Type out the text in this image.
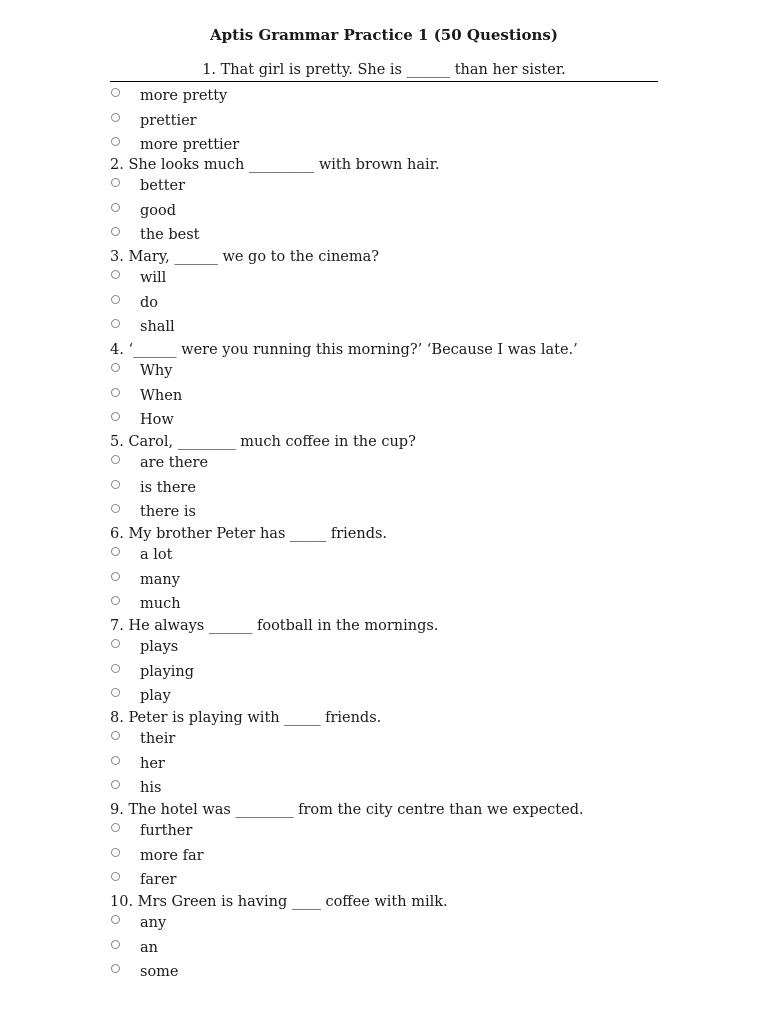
Aptis Grammar Practice 1 (50 Questions)
1. That girl is pretty. She is ______ than her sister.
more pretty
prettier
more prettier
2. She looks much _________ with brown hair.
better
good
the best
3. Mary, ______ we go to the cinema?
will
do
shall
4. ‘______ were you running this morning?’ ‘Because I was late.’
Why
When
How
5. Carol, ________ much coffee in the cup?
are there
is there
there is
6. My brother Peter has _____ friends.
a lot
many
much
7. He always ______ football in the mornings.
plays
playing
play
8. Peter is playing with _____ friends.
their
her
his
9. The hotel was ________ from the city centre than we expected.
further
more far
farer
10. Mrs Green is having ____ coffee with milk.
any
an
some
